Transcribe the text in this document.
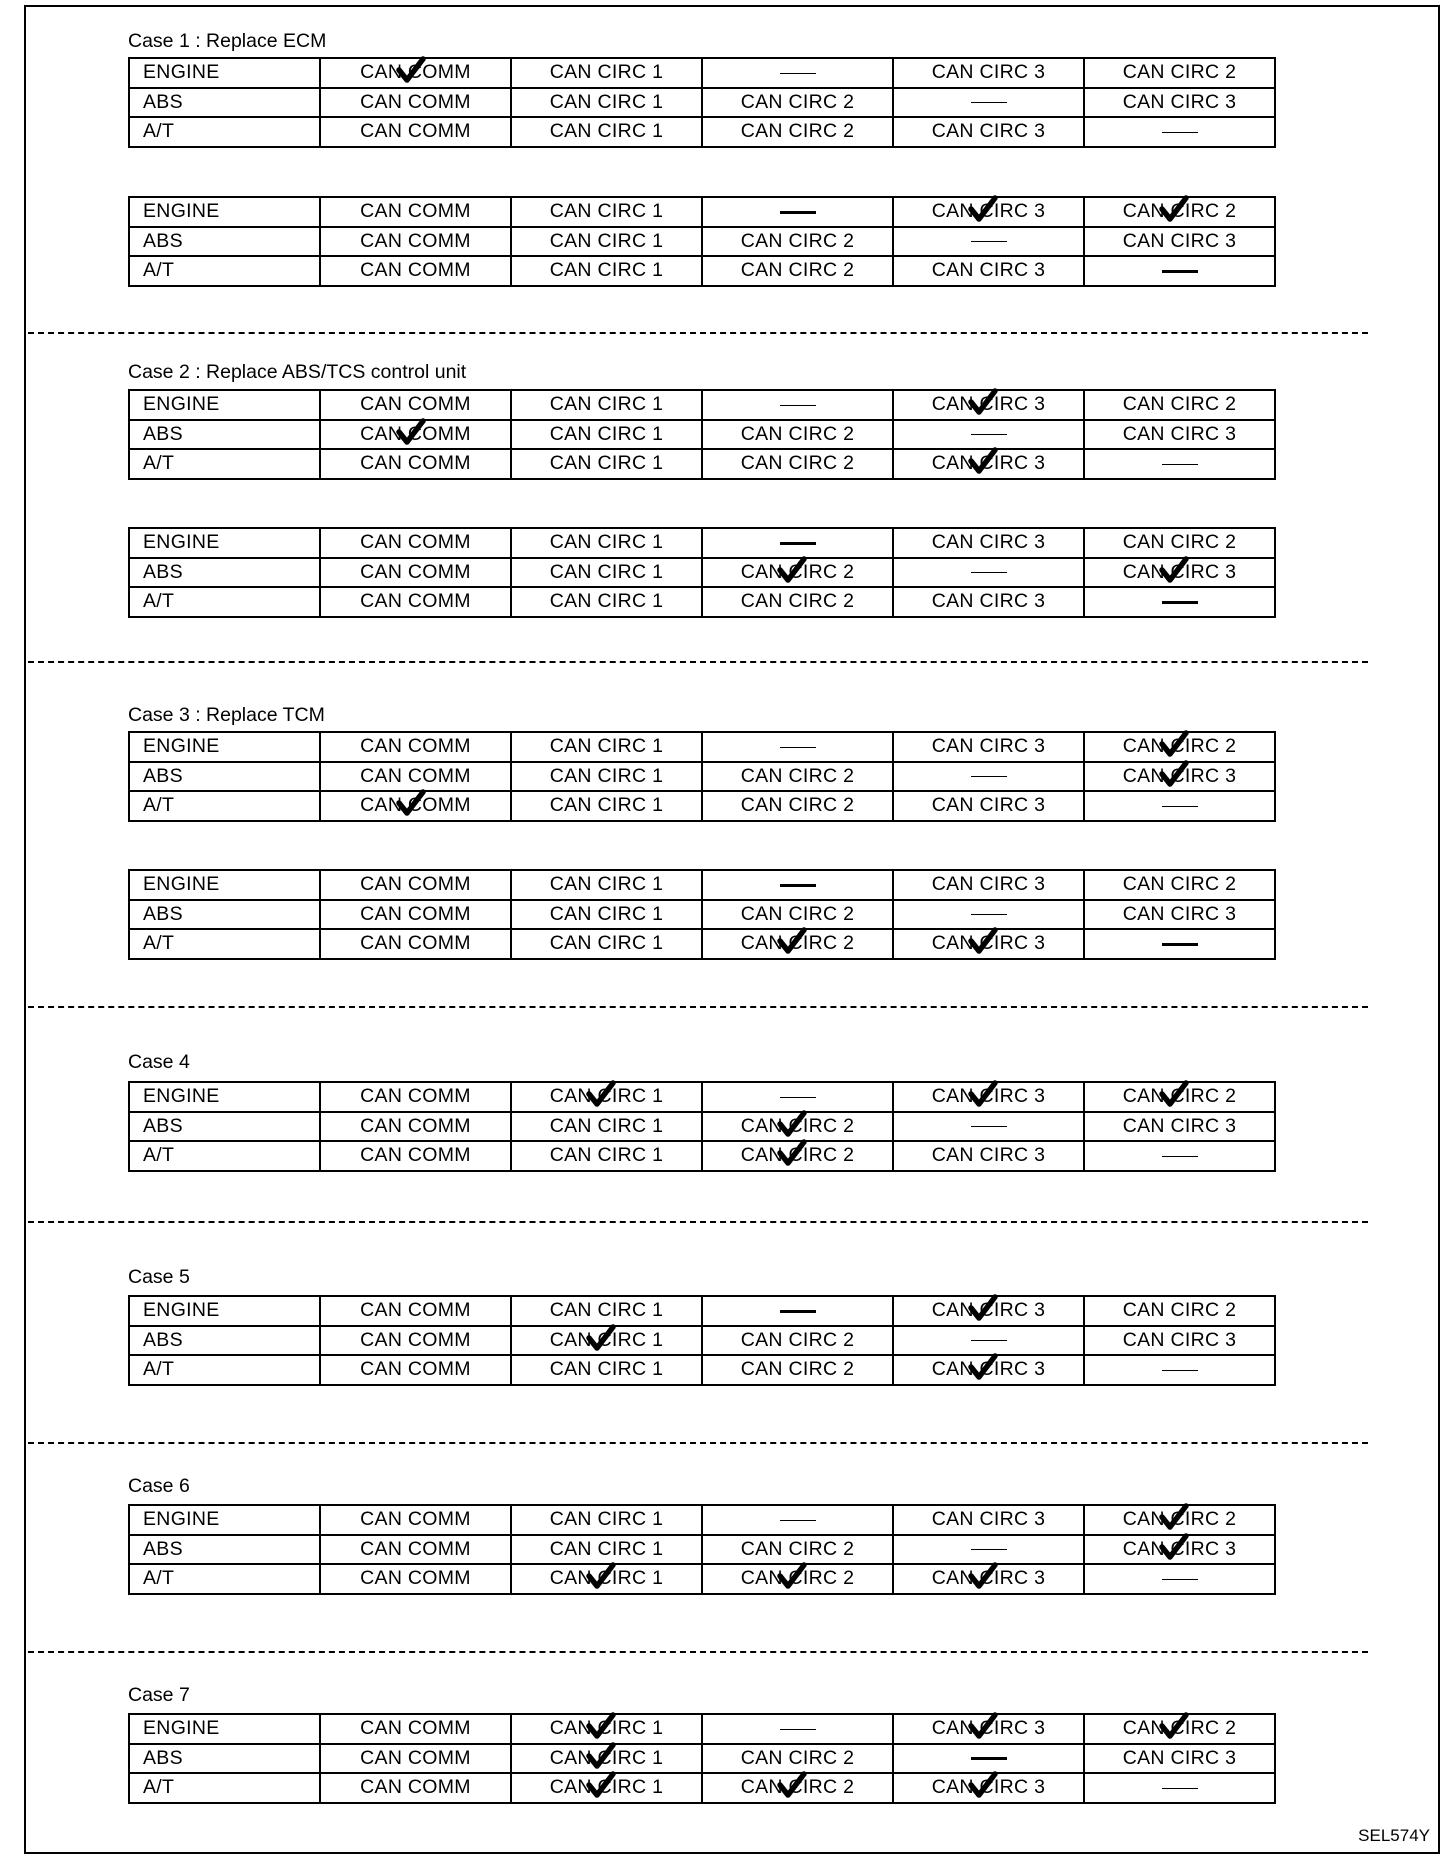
Case 1 : Replace ECM
ENGINE	CAN COMM	CAN CIRC 1		CAN CIRC 3	CAN CIRC 2
ABS	CAN COMM	CAN CIRC 1	CAN CIRC 2		CAN CIRC 3
A/T	CAN COMM	CAN CIRC 1	CAN CIRC 2	CAN CIRC 3	
ENGINE	CAN COMM	CAN CIRC 1		CAN CIRC 3	CAN CIRC 2

ABS	CAN COMM	CAN CIRC 1	CAN CIRC 2		CAN CIRC 3
A/T	CAN COMM	CAN CIRC 1	CAN CIRC 2	CAN CIRC 3	
Case 2 : Replace ABS/TCS control unit
ENGINE	CAN COMM	CAN CIRC 1		CAN CIRC 3	CAN CIRC 2
ABS	CAN COMM	CAN CIRC 1	CAN CIRC 2		CAN CIRC 3
A/T	CAN COMM	CAN CIRC 1	CAN CIRC 2	CAN CIRC 3

ENGINE	CAN COMM	CAN CIRC 1		CAN CIRC 3	CAN CIRC 2
ABS	CAN COMM	CAN CIRC 1	CAN CIRC 2		CAN CIRC 3

A/T	CAN COMM	CAN CIRC 1	CAN CIRC 2	CAN CIRC 3	
Case 3 : Replace TCM
ENGINE	CAN COMM	CAN CIRC 1		CAN CIRC 3	CAN CIRC 2

ABS	CAN COMM	CAN CIRC 1	CAN CIRC 2		CAN CIRC 3

A/T	CAN COMM	CAN CIRC 1	CAN CIRC 2	CAN CIRC 3	
ENGINE	CAN COMM	CAN CIRC 1		CAN CIRC 3	CAN CIRC 2
ABS	CAN COMM	CAN CIRC 1	CAN CIRC 2		CAN CIRC 3
A/T	CAN COMM	CAN CIRC 1	CAN CIRC 2	CAN CIRC 3

Case 4
ENGINE	CAN COMM	CAN CIRC 1		CAN CIRC 3	CAN CIRC 2

ABS	CAN COMM	CAN CIRC 1	CAN CIRC 2		CAN CIRC 3
A/T	CAN COMM	CAN CIRC 1	CAN CIRC 2	CAN CIRC 3	
Case 5
ENGINE	CAN COMM	CAN CIRC 1		CAN CIRC 3	CAN CIRC 2
ABS	CAN COMM	CAN CIRC 1	CAN CIRC 2		CAN CIRC 3
A/T	CAN COMM	CAN CIRC 1	CAN CIRC 2	CAN CIRC 3

Case 6
ENGINE	CAN COMM	CAN CIRC 1		CAN CIRC 3	CAN CIRC 2

ABS	CAN COMM	CAN CIRC 1	CAN CIRC 2		CAN CIRC 3

A/T	CAN COMM	CAN CIRC 1	CAN CIRC 2	CAN CIRC 3

Case 7
ENGINE	CAN COMM	CAN CIRC 1		CAN CIRC 3	CAN CIRC 2

ABS	CAN COMM	CAN CIRC 1	CAN CIRC 2		CAN CIRC 3
A/T	CAN COMM	CAN CIRC 1	CAN CIRC 2	CAN CIRC 3

SEL574Y
